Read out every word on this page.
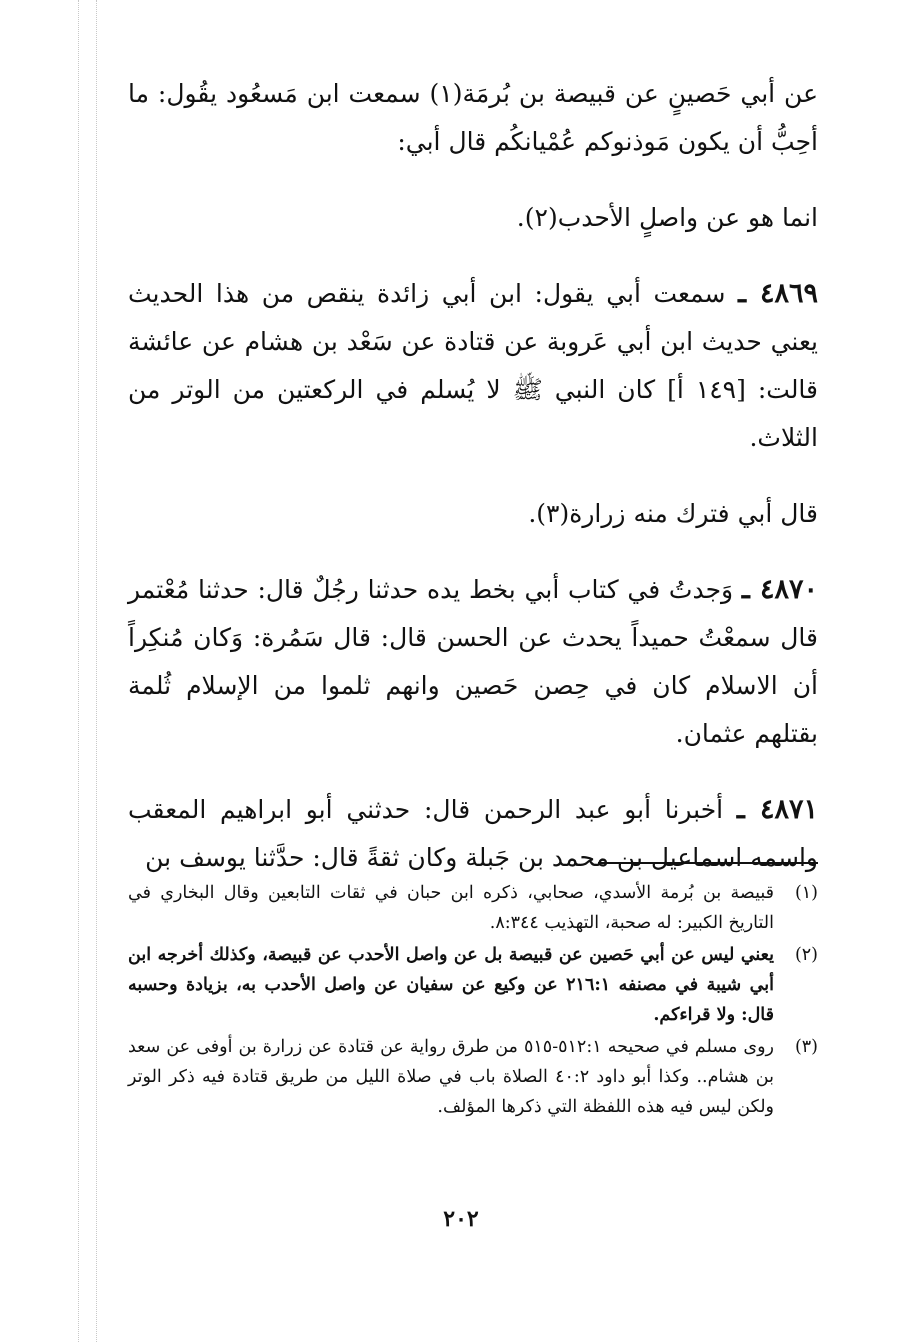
عن أبي حَصينٍ عن قبيصة بن بُرمَة(١) سمعت ابن مَسعُود يقُول: ما أحِبُّ أن يكون مَوذنوكم عُمْيانكُم قال أبي:

انما هو عن واصلٍ الأحدب(٢).

٤٨٦٩ ـ سمعت أبي يقول: ابن أبي زائدة ينقص من هذا الحديث يعني حديث ابن أبي عَروبة عن قتادة عن سَعْد بن هشام عن عائشة قالت: [١٤٩ أ] كان النبي ﷺ لا يُسلم في الركعتين من الوتر من الثلاث.

قال أبي فترك منه زرارة(٣).

٤٨٧٠ ـ وَجدتُ في كتاب أبي بخط يده حدثنا رجُلٌ قال: حدثنا مُعْتمر قال سمعْتُ حميداً يحدث عن الحسن قال: قال سَمُرة: وَكان مُنكِراً أن الاسلام كان في حِصن حَصين وانهم ثلموا من الإسلام ثُلمة بقتلهم عثمان.

٤٨٧١ ـ أخبرنا أبو عبد الرحمن قال: حدثني أبو ابراهيم المعقب واسمه اسماعيل بن محمد بن جَبلة وكان ثقةً قال: حدَّثنا يوسف بن

(١)
قبيصة بن بُرمة الأسدي، صحابي، ذكره ابن حبان في ثقات التابعين وقال البخاري في التاريخ الكبير: له صحبة، التهذيب ٨:٣٤٤.
(٢)
يعني ليس عن أبي حَصين عن قبيصة بل عن واصل الأحدب عن قبيصة، وكذلك أخرجه ابن أبي شيبة في مصنفه ٢١٦:١ عن وكيع عن سفيان عن واصل الأحدب به، بزيادة وحسبه قال: ولا قراءكم.
(٣)
روى مسلم في صحيحه ٥١٢:١-٥١٥ من طرق رواية عن قتادة عن زرارة بن أوفى عن سعد بن هشام.. وكذا أبو داود ٤٠:٢ الصلاة باب في صلاة الليل من طريق قتادة فيه ذكر الوتر ولكن ليس فيه هذه اللفظة التي ذكرها المؤلف.
٢٠٢
